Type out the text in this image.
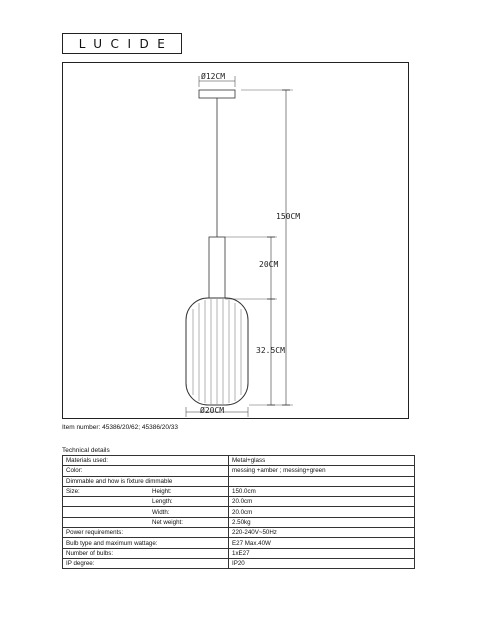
LUCIDE
Ø12CM
150CM
20CM
32.5CM
Ø20CM
Item number: 45386/20/62; 45386/20/33
Technical details
Materials used:		Metal+glass
Color:		messing +amber ; messing+green
Dimmable and how is fixture dimmable		
Size:	Height:	150.0cm
	Length:	20.0cm
	Width:	20.0cm
	Net weight:	2.50kg
Power requirements:		220-240V~50Hz
Bulb type and maximum wattage:		E27 Max.40W
Number of bulbs:		1xE27
IP degree:		IP20
